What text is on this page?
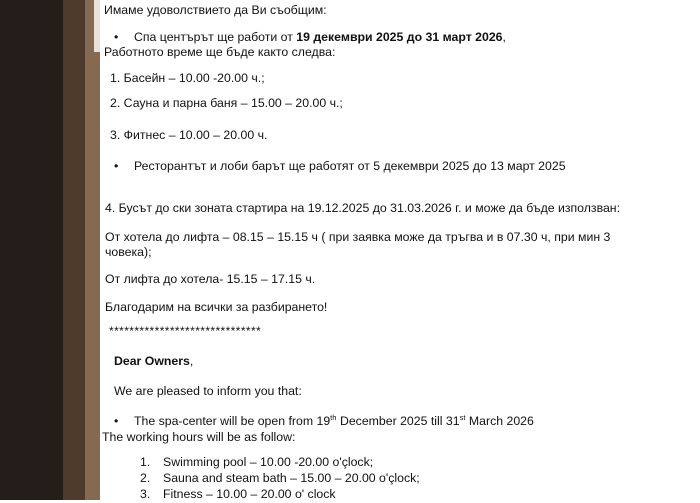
Имаме удоволствието да Ви съобщим:
• Спа центърът ще работи от 19 декември 2025 до 31 март 2026,
Работното време ще бъде както следва:
1. Басейн – 10.00 -20.00 ч.;
2. Сауна и парна баня – 15.00 – 20.00 ч.;
3. Фитнес – 10.00 – 20.00 ч.
• Ресторантът и лоби барът ще работят от 5 декември 2025 до 13 март 2025
4. Бусът до ски зоната стартира на 19.12.2025 до 31.03.2026 г. и може да бъде използван:
От хотела до лифта – 08.15 – 15.15 ч ( при заявка може да тръгва и в 07.30 ч, при мин 3
човека);
От лифта до хотела- 15.15 – 17.15 ч.
Благодарим на всички за разбирането!
******************************
Dear Owners,
We are pleased to inform you that:
• The spa-center will be open from 19th December 2025 till 31st March 2026
The working hours will be as follow:
1. Swimming pool – 10.00 -20.00 o'çlock;
2. Sauna and steam bath – 15.00 – 20.00 o'çlock;
3. Fitness – 10.00 – 20.00 o' clock
